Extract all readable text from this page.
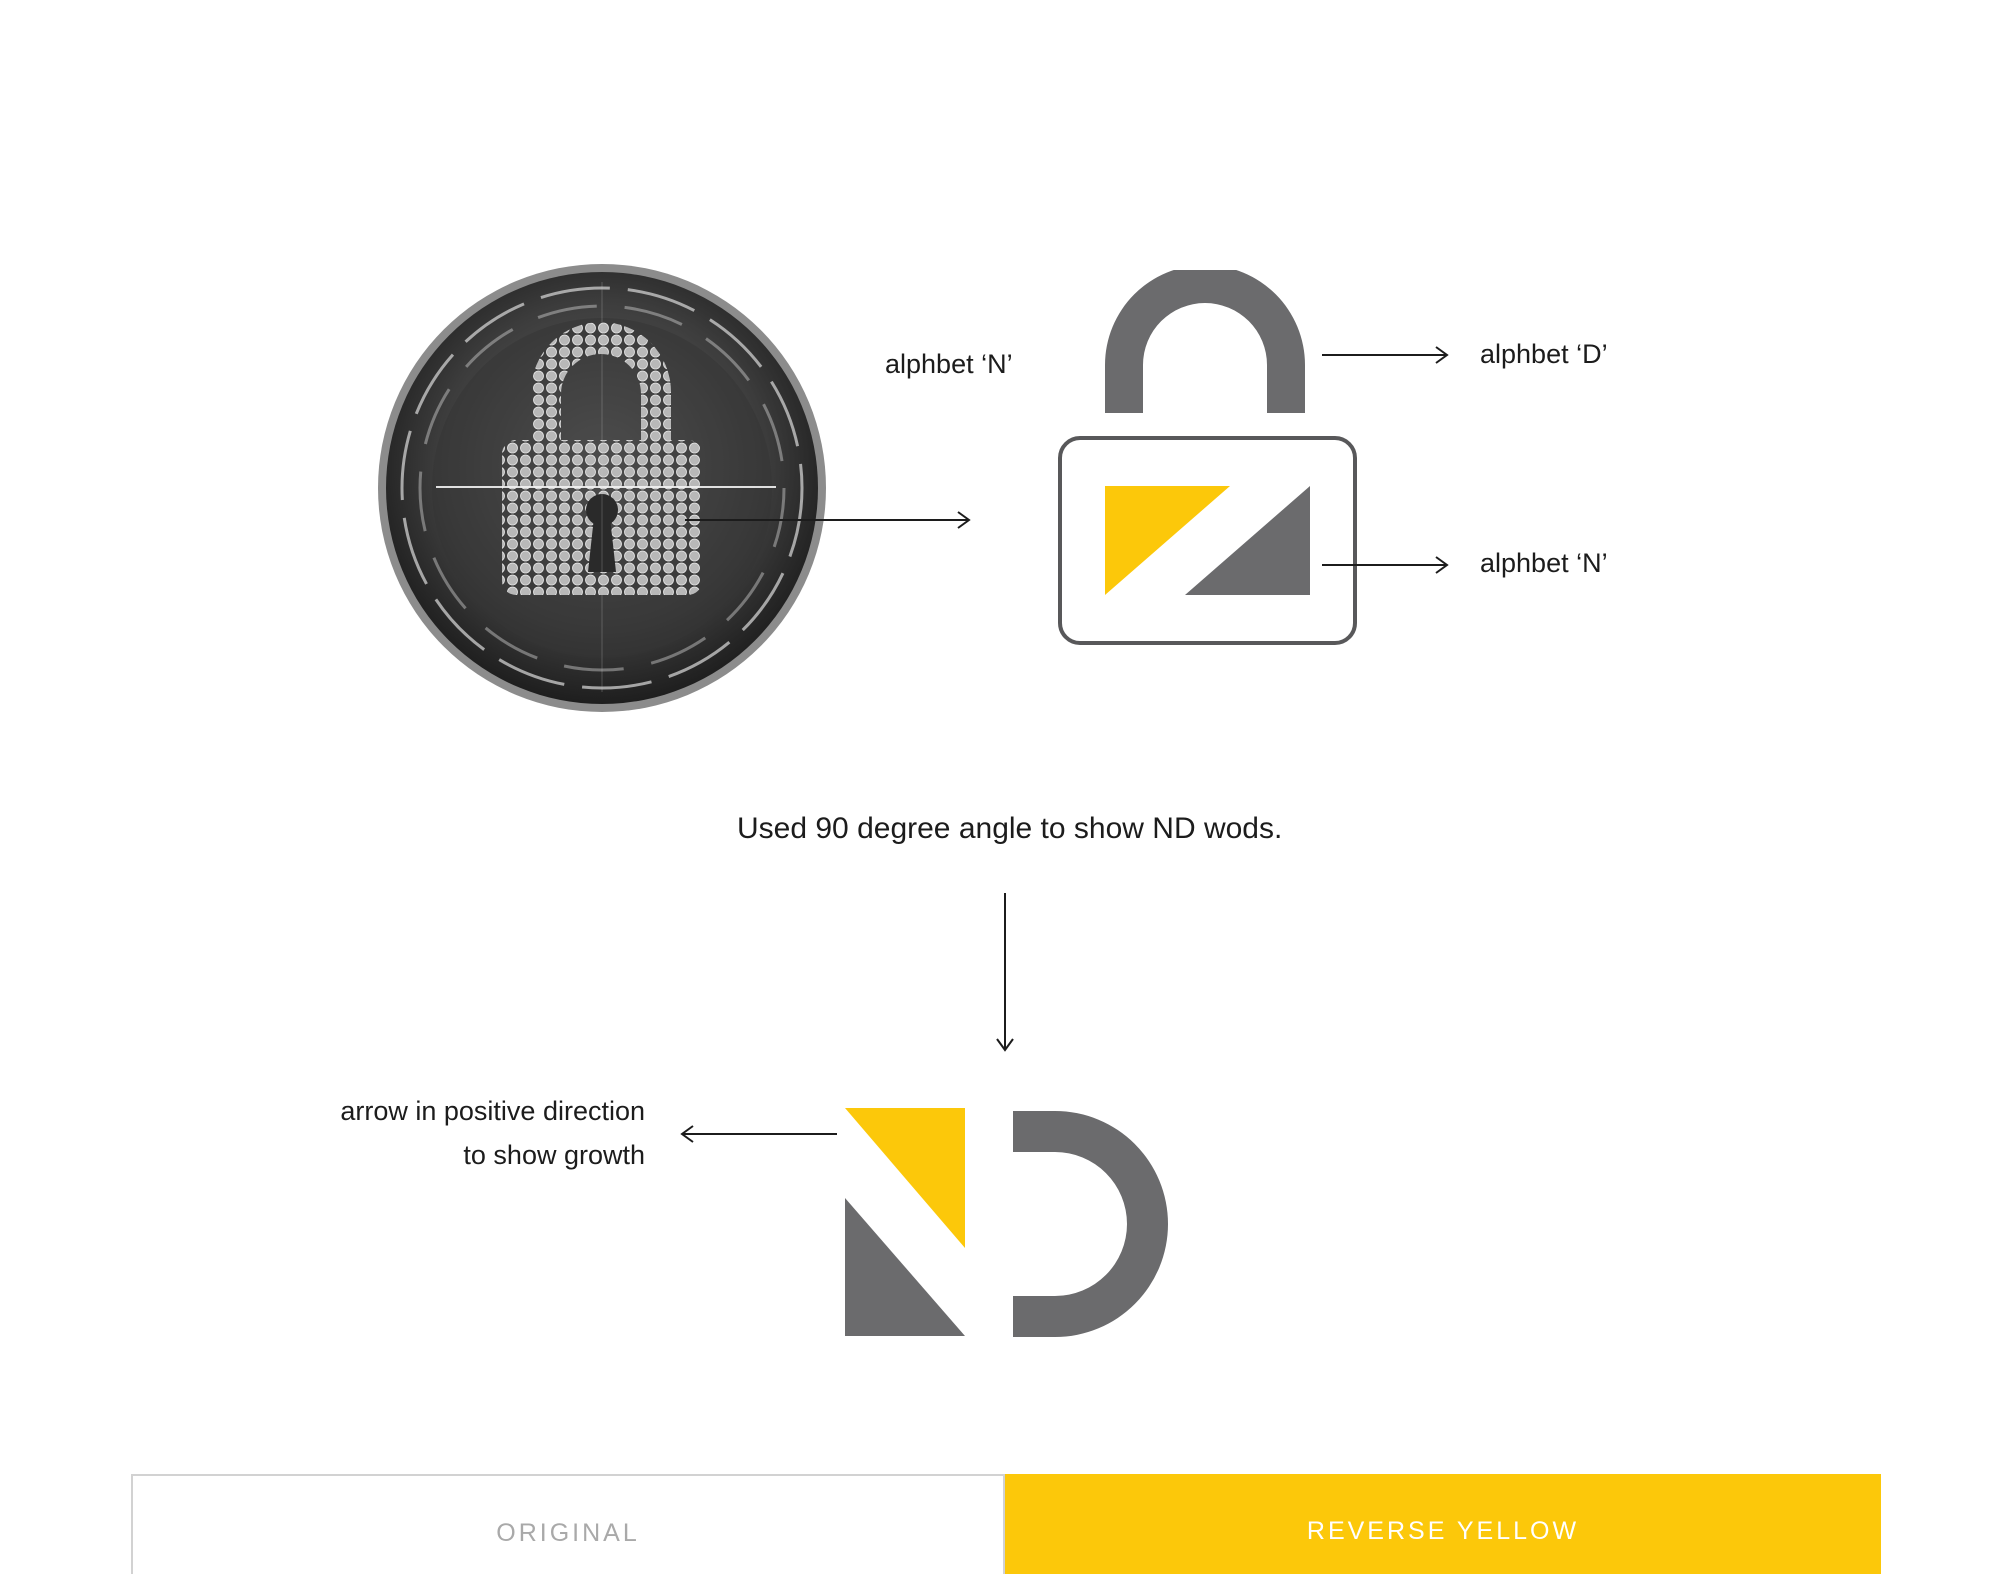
alphbet ‘N’	alphbet ‘D’
alphbet ‘N’
Used 90 degree angle to show ND wods.
arrow in positive direction
to show growth
ORIGINAL	REVERSE YELLOW
